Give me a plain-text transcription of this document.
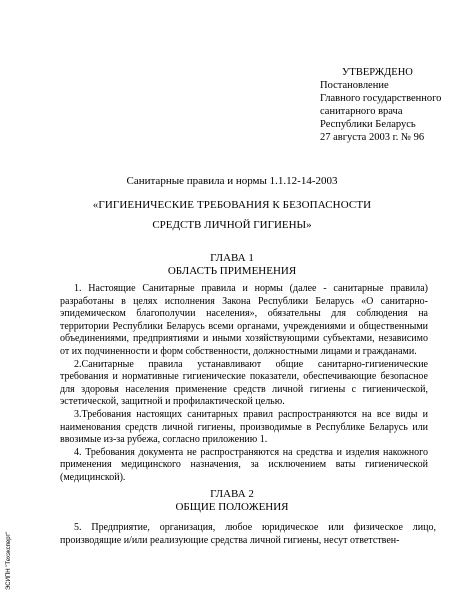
УТВЕРЖДЕНО
Постановление
Главного государственного
санитарного врача
Республики Беларусь
27 августа 2003 г. № 96
Санитарные правила и нормы 1.1.12-14-2003
«ГИГИЕНИЧЕСКИЕ ТРЕБОВАНИЯ К БЕЗОПАСНОСТИ
СРЕДСТВ ЛИЧНОЙ ГИГИЕНЫ»
ГЛАВА 1
ОБЛАСТЬ ПРИМЕНЕНИЯ

1. Настоящие Санитарные правила и нормы (далее - санитарные правила) разработаны в целях исполнения Закона Республики Беларусь «О санитарно-эпидемическом благополучии населения», обязательны для соблюдения на территории Республики Беларусь всеми органами, учреждениями и общественными объединениями, предприятиями и иными хозяйствующими субъектами, независимо от их подчиненности и форм собственности, должностными лицами и гражданами.

2.Санитарные правила устанавливают общие санитарно-гигиенические требования и нормативные гигиенические показатели, обеспечивающие безопасное для здоровья населения применение средств личной гигиены с гигиенической, эстетической, защитной и профилактической целью.

3.Требования настоящих санитарных правил распространяются на все виды и наименования средств личной гигиены, производимые в Республике Беларусь или ввозимые из-за рубежа, согласно приложению 1.

4. Требования документа не распространяются на средства и изделия накожного применения медицинского назначения, за исключением ваты гигиенической (медицинской).

ГЛАВА 2
ОБЩИЕ ПОЛОЖЕНИЯ

5. Предприятие, организация, любое юридическое или физическое лицо, производящие и/или реализующие средства личной гигиены, несут ответствен-

ЭСИПН "Техэксперт"
